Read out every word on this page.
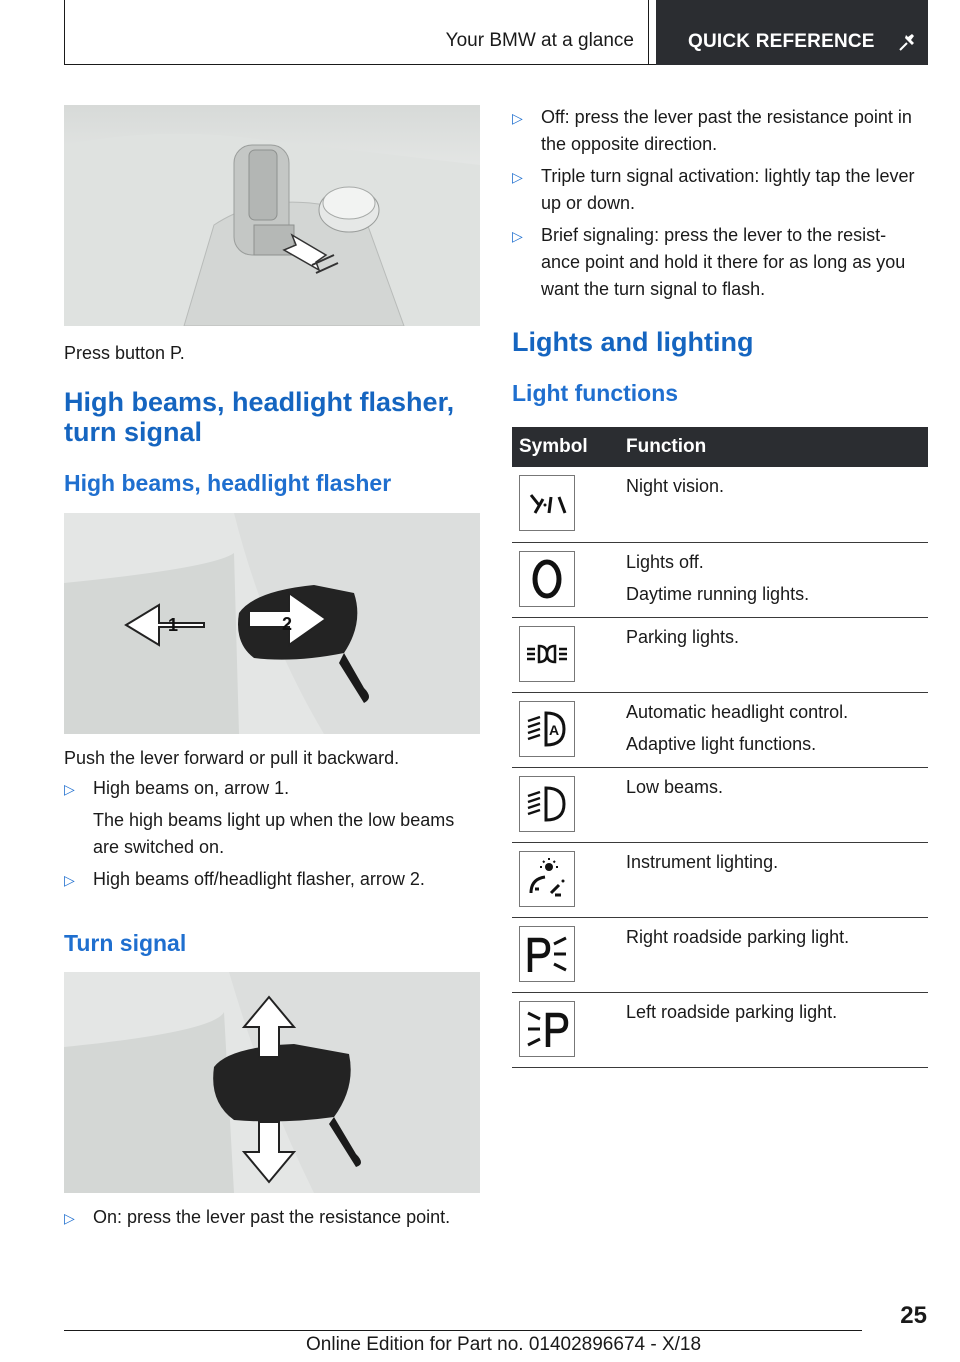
Your BMW at a glance	QUICK REFERENCE

Press button P.

High beams, headlight flasher, turn signal
High beams, headlight flasher
1	2

Push the lever forward or pull it backward.

▷ High beams on, arrow 1.
The high beams light up when the low beams are switched on.
▷ High beams off/headlight flasher, arrow 2.
Turn signal
▷ On: press the lever past the resistance point.
▷ Off: press the lever past the resistance point in the opposite direction.
▷ Triple turn signal activation: lightly tap the lever up or down.
▷ Brief signaling: press the lever to the resist- ance point and hold it there for as long as you want the turn signal to flash.
Lights and lighting
Light functions
Symbol	Function

Night vision.

Lights off.
Daytime running lights.

Parking lights.

A	Automatic headlight control.
Adaptive light functions.

Low beams.

Instrument lighting.

Right roadside parking light.

Left roadside parking light.
25
Online Edition for Part no. 01402896674 - X/18
